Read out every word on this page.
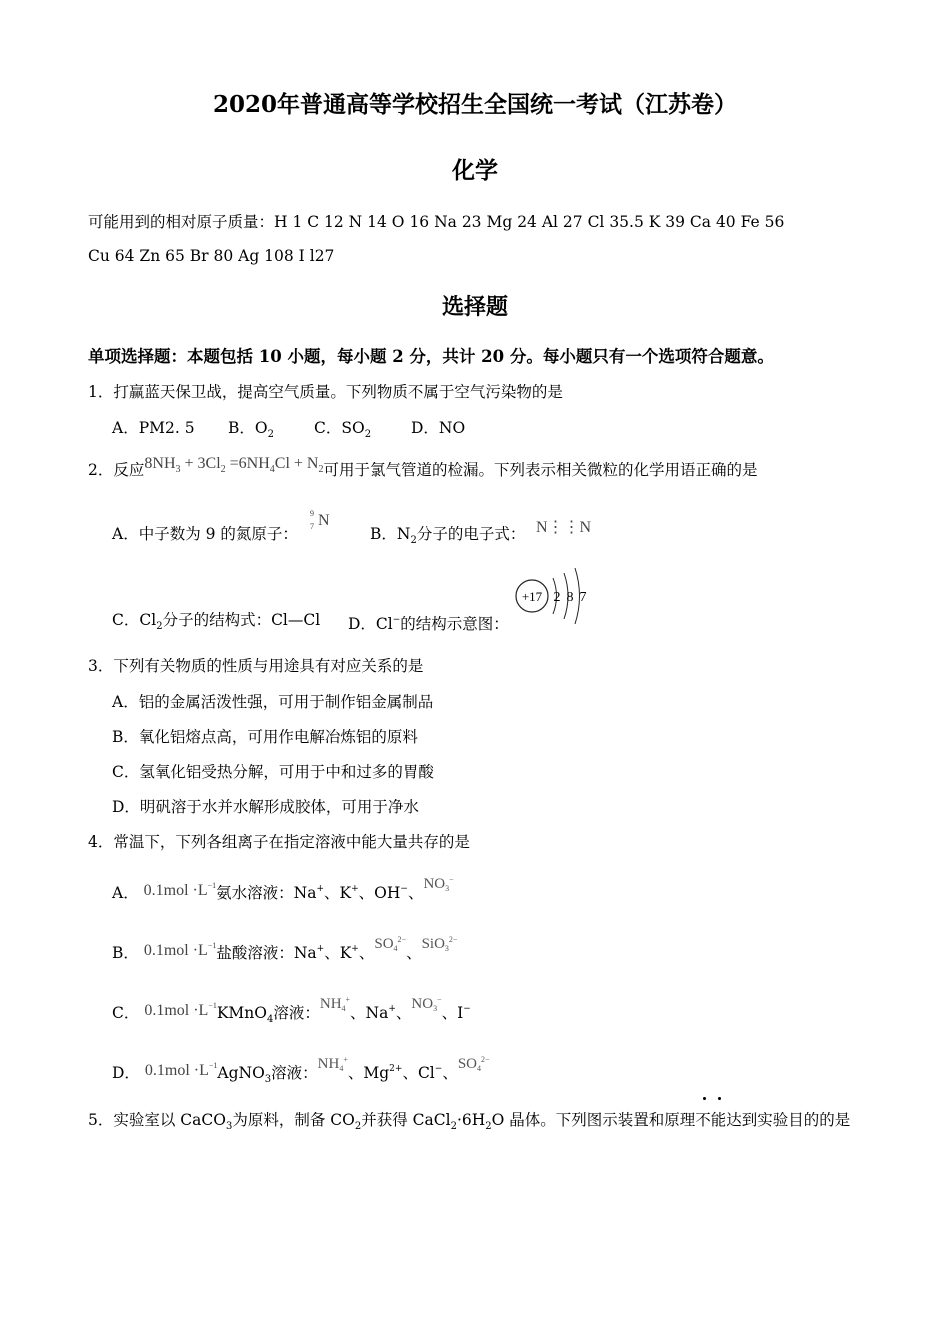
2020年普通高等学校招生全国统一考试（江苏卷）
化学
可能用到的相对原子质量：H 1 C 12 N 14 O 16 Na 23 Mg 24 Al 27 Cl 35.5 K 39 Ca 40 Fe 56
Cu 64 Zn 65 Br 80 Ag 108 I l27
选择题
单项选择题：本题包括 10 小题，每小题 2 分，共计 20 分。每小题只有一个选项符合题意。
1．打赢蓝天保卫战，提高空气质量。下列物质不属于空气污染物的是
A．PM2. 5 B．$O_2$	C．$SO_2$	D．NO
2．反应$8NH_3 + 3Cl_2 =6NH_4Cl + N_2$可用于氯气管道的检漏。下列表示相关微粒的化学用语正确的是
A．中子数为 9 的氮原子：
9
7 N
B．$N_2$分子的电子式： N⋮⋮N
C．$Cl_2$分子的结构式：Cl—Cl D．Cl−的结构示意图：
+17 2 8 7
3．下列有关物质的性质与用途具有对应关系的是
A．铝的金属活泼性强，可用于制作铝金属制品
B．氧化铝熔点高，可用作电解冶炼铝的原料
C．氢氧化铝受热分解，可用于中和过多的胃酸
D．明矾溶于水并水解形成胶体，可用于净水
4．常温下，下列各组离子在指定溶液中能大量共存的是
A． $0.1mol \cdot L^{-1}$氨水溶液：Na+、K+、OH−、$NO_3^-$
B． $0.1mol \cdot L^{-1}$盐酸溶液：Na+、K+、$SO_4^{2-}$、SiO$_3^{2-}$
C． $0.1mol \cdot L^{-1}KMnO_4$溶液：$NH_4^+$、Na+、$NO_3^-$、I−
D． $0.1mol \cdot L^{-1}AgNO_3$溶液：$NH_4^+$、$Mg^{2+}$、Cl−、$SO_4^{2-}$
5．实验室以 CaCO$_3$为原料，制备 $CO_2$并获得 $CaCl_2\cdot 6H_2O$ 晶体。下列图示装置和原理不能达到实验目的的是
